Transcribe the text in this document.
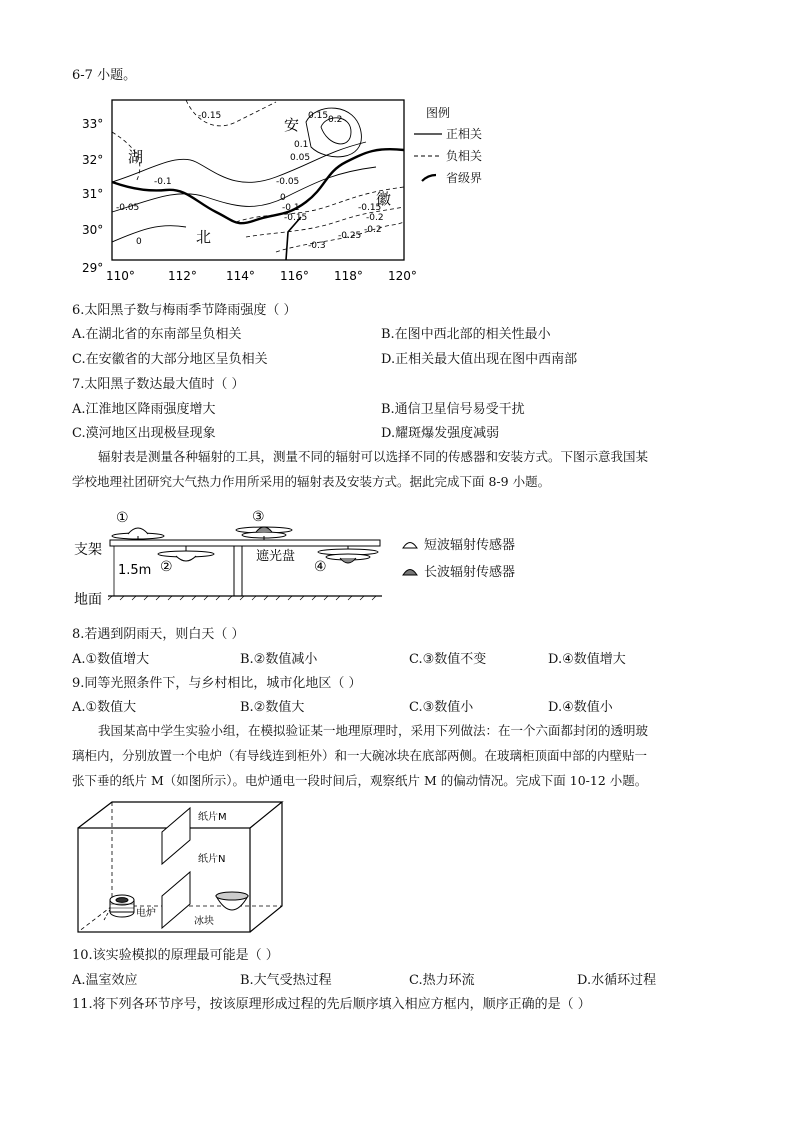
6-7 小题。
33°
32°
31°
30°
29°
110°	112° 114° 116° 118° 120°
湖
北
安
徽
-0.15	0.15 0.2
0.1
0.05
-0.1
-0.05
-0.05
0
-0.1
-0.15
-0.2
-0.25
-0.3
0
-0.15
-0.2
图例
正相关
负相关
省级界
6.太阳黑子数与梅雨季节降雨强度（ ）
A.在湖北省的东南部呈负相关	B.在图中西北部的相关性最小
C.在安徽省的大部分地区呈负相关	D.正相关最大值出现在图中西南部
7.太阳黑子数达最大值时（ ）
A.江淮地区降雨强度增大	B.通信卫星信号易受干扰
C.漠河地区出现极昼现象	D.耀斑爆发强度减弱
辐射表是测量各种辐射的工具，测量不同的辐射可以选择不同的传感器和安装方式。下图示意我国某
学校地理社团研究大气热力作用所采用的辐射表及安装方式。据此完成下面 8-9 小题。
①
②
③
④
支架
地面
1.5m
遮光盘
短波辐射传感器
长波辐射传感器
8.若遇到阴雨天，则白天（ ）
A.①数值增大	B.②数值减小	C.③数值不变	D.④数值增大
9.同等光照条件下，与乡村相比，城市化地区（ ）
A.①数值大	B.②数值大	C.③数值小	D.④数值小
我国某高中学生实验小组，在模拟验证某一地理原理时，采用下列做法：在一个六面都封闭的透明玻
璃柜内，分别放置一个电炉（有导线连到柜外）和一大碗冰块在底部两侧。在玻璃柜顶面中部的内壁贴一
张下垂的纸片 M（如图所示）。电炉通电一段时间后，观察纸片 M 的偏动情况。完成下面 10-12 小题。
纸片M
纸片N
电炉
冰块
10.该实验模拟的原理最可能是（ ）
A.温室效应	B.大气受热过程	C.热力环流	D.水循环过程
11.将下列各环节序号，按该原理形成过程的先后顺序填入相应方框内，顺序正确的是（ ）
